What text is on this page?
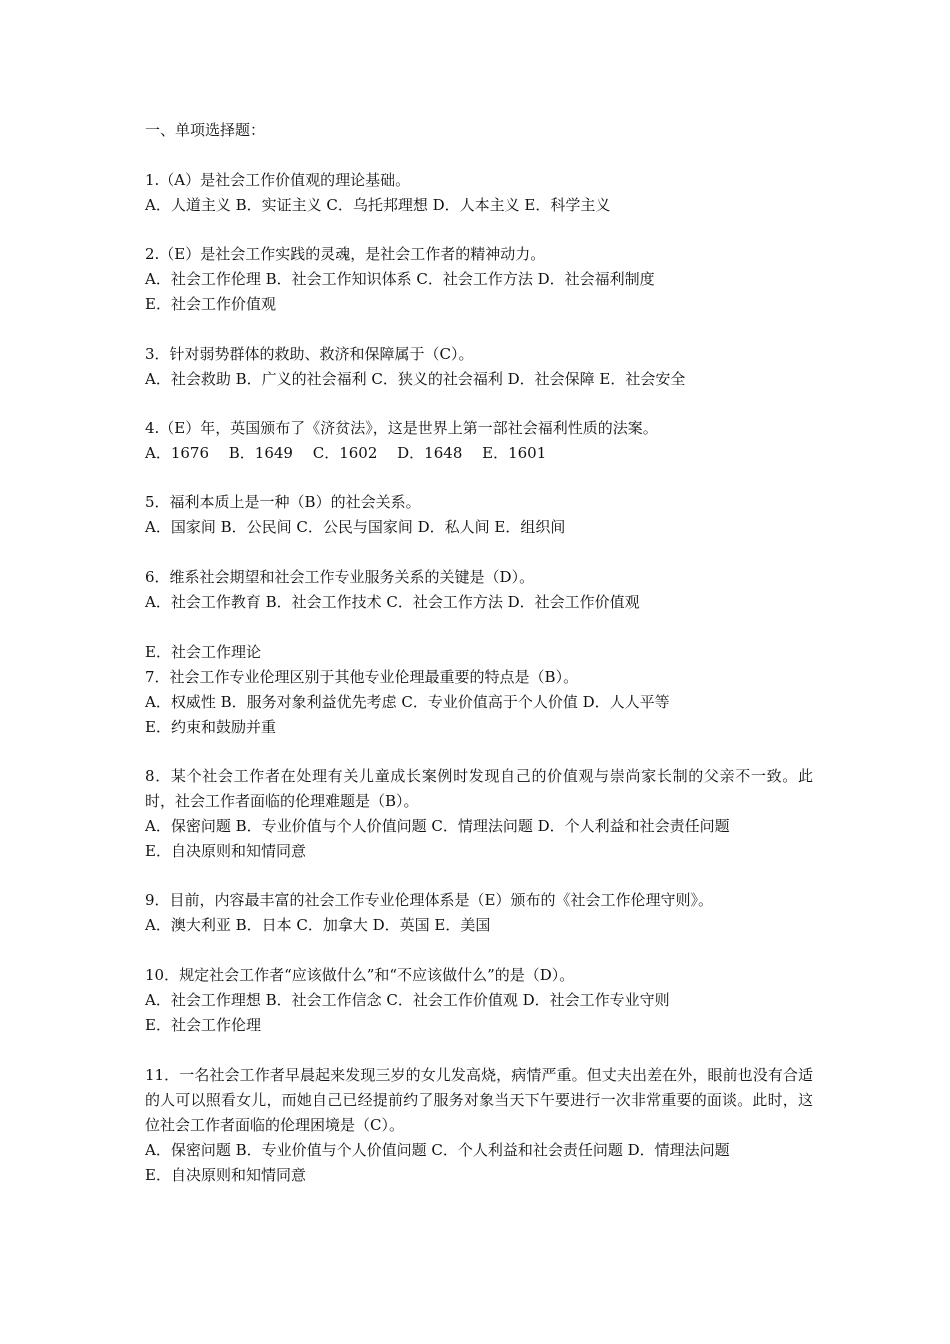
一、单项选择题：

1.（A）是社会工作价值观的理论基础。

A．人道主义 B．实证主义 C．乌托邦理想 D．人本主义 E．科学主义

2.（E）是社会工作实践的灵魂，是社会工作者的精神动力。

A．社会工作伦理 B．社会工作知识体系 C．社会工作方法 D．社会福利制度

E．社会工作价值观

3．针对弱势群体的救助、救济和保障属于（C）。

A．社会救助 B．广义的社会福利 C．狭义的社会福利 D．社会保障 E．社会安全

4.（E）年，英国颁布了《济贫法》，这是世界上第一部社会福利性质的法案。

A．1676 　B．1649 　C．1602 　D．1648 　E．1601

5．福利本质上是一种（B）的社会关系。

A．国家间 B．公民间 C．公民与国家间 D．私人间 E．组织间

6．维系社会期望和社会工作专业服务关系的关键是（D）。

A．社会工作教育 B．社会工作技术 C．社会工作方法 D．社会工作价值观

E．社会工作理论

7．社会工作专业伦理区别于其他专业伦理最重要的特点是（B）。

A．权威性 B．服务对象利益优先考虑 C．专业价值高于个人价值 D．人人平等

E．约束和鼓励并重

8．某个社会工作者在处理有关儿童成长案例时发现自己的价值观与崇尚家长制的父亲不一致。此时，社会工作者面临的伦理难题是（B）。

A．保密问题 B．专业价值与个人价值问题 C．情理法问题 D．个人利益和社会责任问题

E．自决原则和知情同意

9．目前，内容最丰富的社会工作专业伦理体系是（E）颁布的《社会工作伦理守则》。

A．澳大利亚 B．日本 C．加拿大 D．英国 E．美国

10．规定社会工作者“应该做什么”和“不应该做什么”的是（D）。

A．社会工作理想 B．社会工作信念 C．社会工作价值观 D．社会工作专业守则

E．社会工作伦理

11．一名社会工作者早晨起来发现三岁的女儿发高烧，病情严重。但丈夫出差在外，眼前也没有合适的人可以照看女儿，而她自己已经提前约了服务对象当天下午要进行一次非常重要的面谈。此时，这位社会工作者面临的伦理困境是（C）。

A．保密问题 B．专业价值与个人价值问题 C．个人利益和社会责任问题 D．情理法问题

E．自决原则和知情同意
